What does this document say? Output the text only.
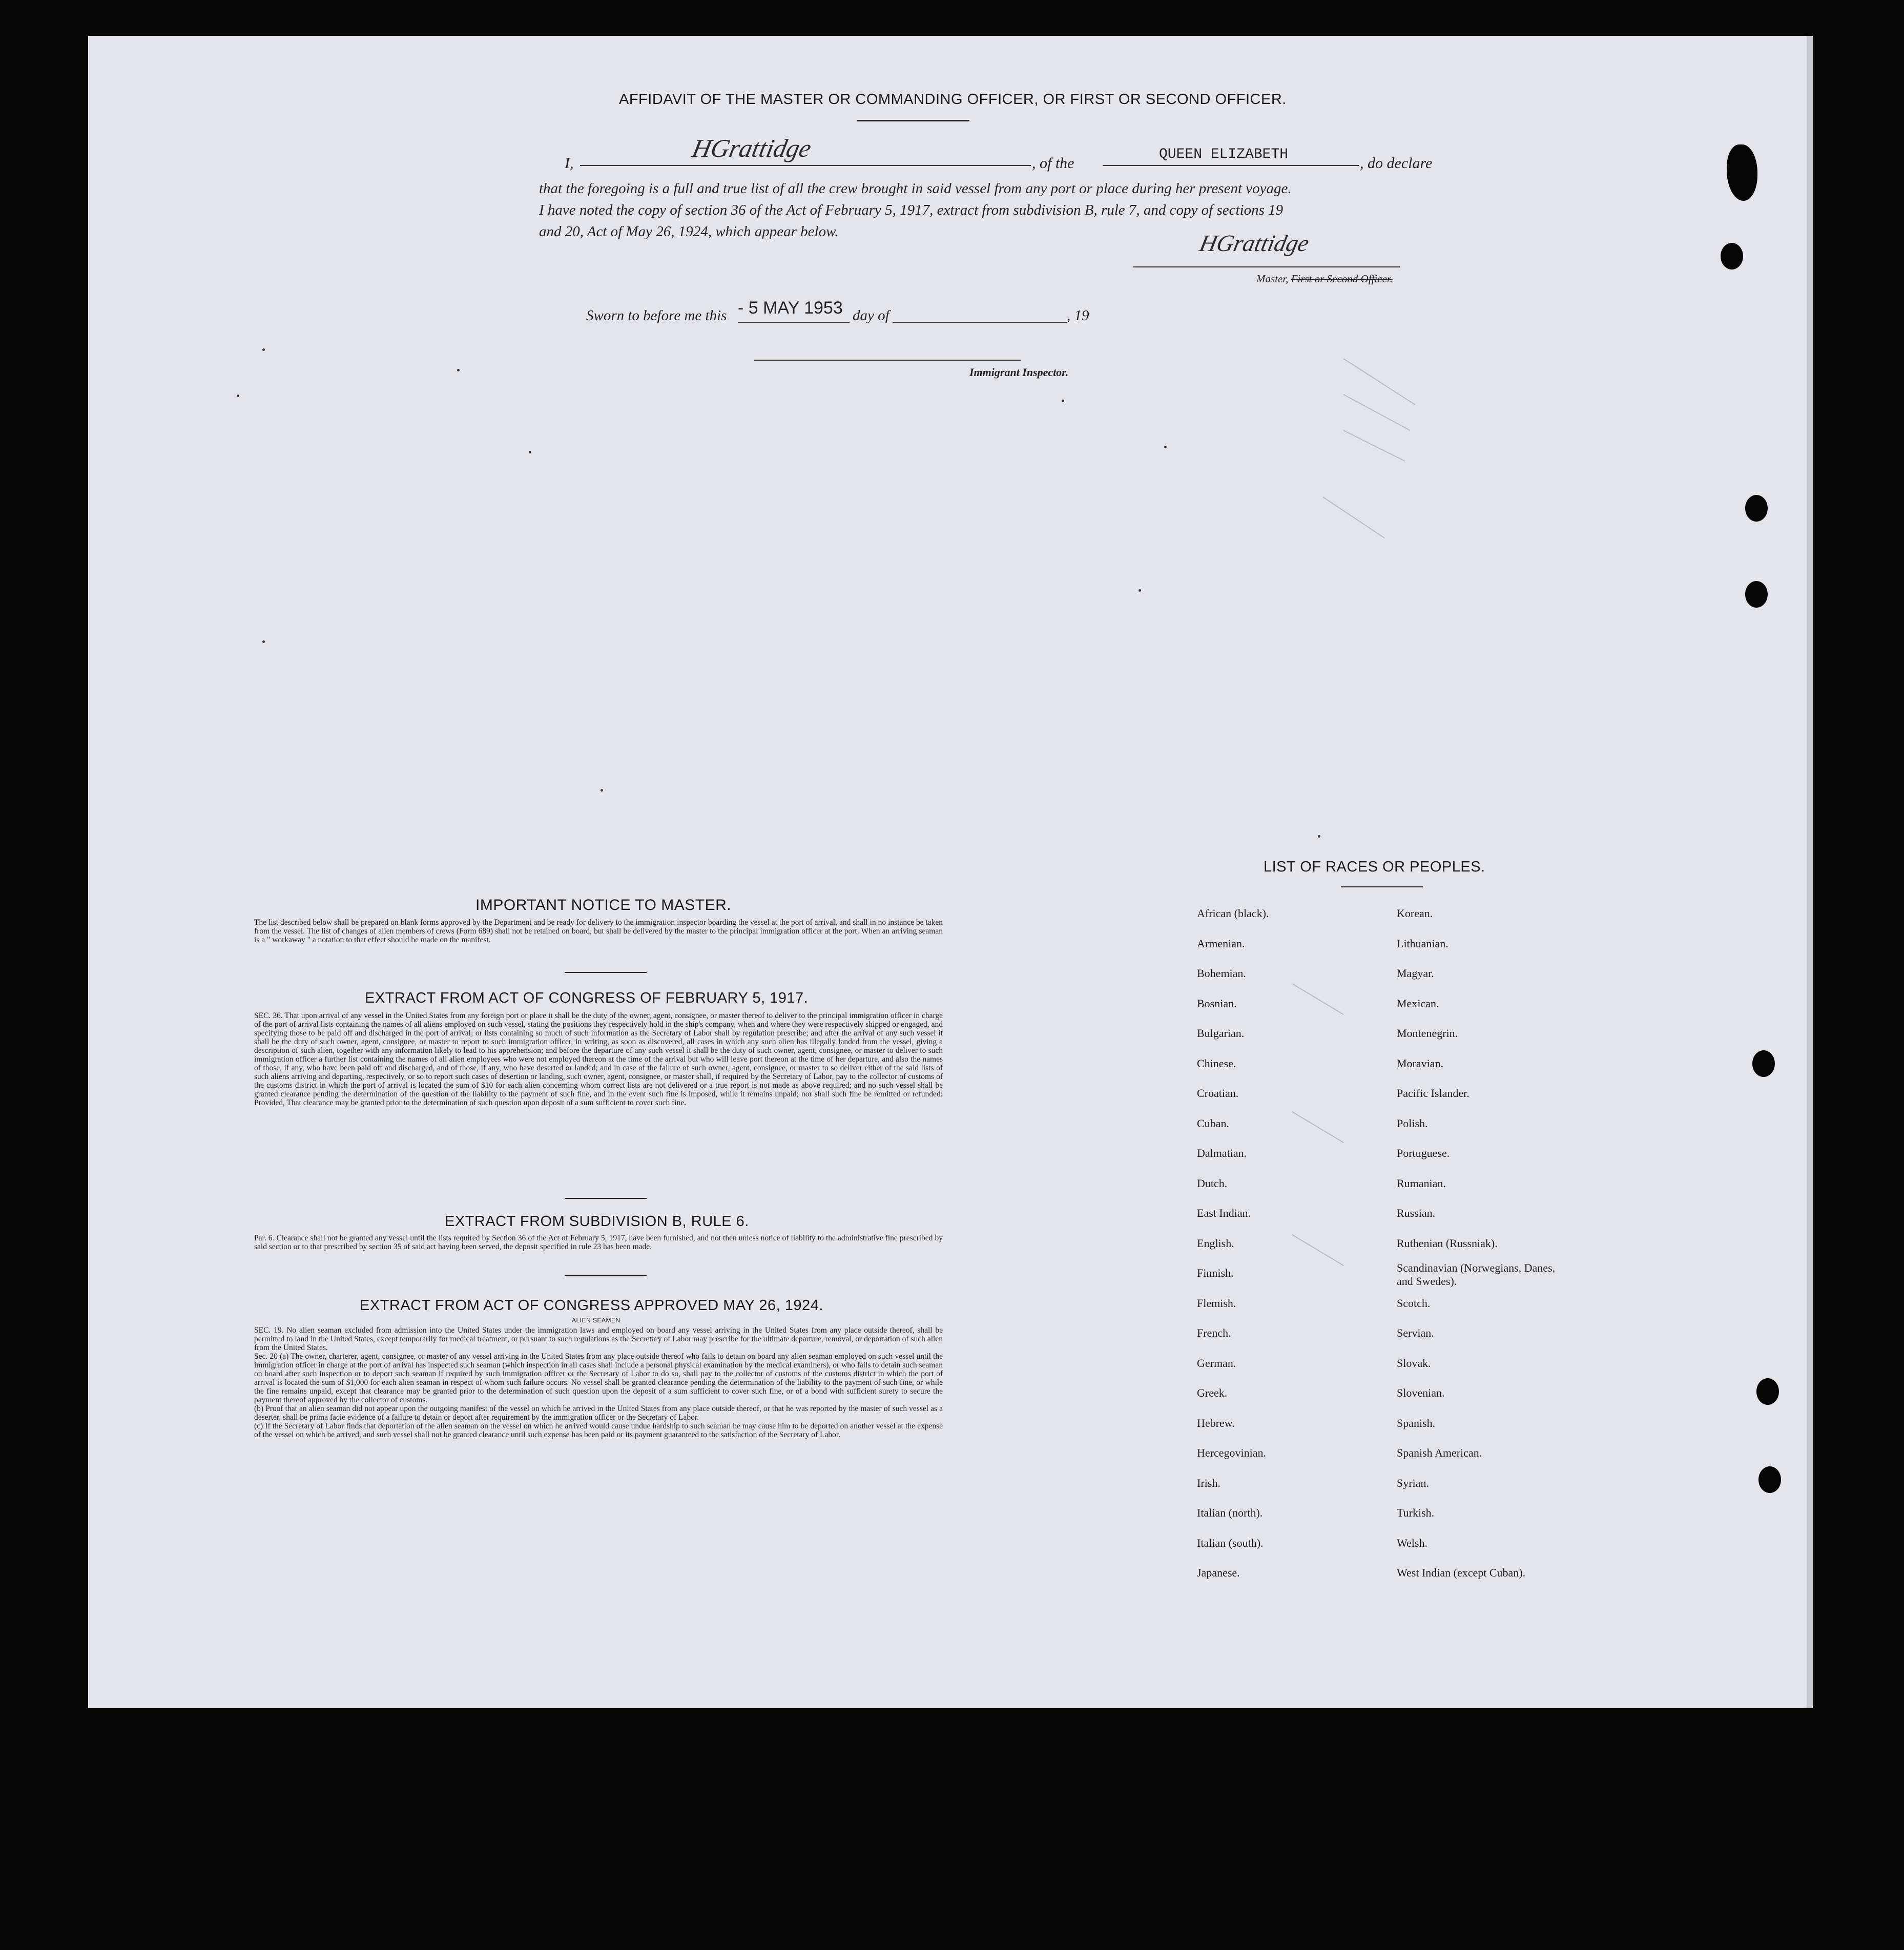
AFFIDAVIT OF THE MASTER OR COMMANDING OFFICER, OR FIRST OR SECOND OFFICER.
I,
HGrattidge
, of the
QUEEN ELIZABETH
, do declare
that the foregoing is a full and true list of all the crew brought in said vessel from any port or place during her present voyage.
I have noted the copy of section 36 of the Act of February 5, 1917, extract from subdivision B, rule 7, and copy of sections 19
and 20, Act of May 26, 1924, which appear below.	HGrattidge
Master, First or Second Officer.
Sworn to before me this - 5 MAY 1953 day of	, 19
Immigrant Inspector.
IMPORTANT NOTICE TO MASTER.
The list described below shall be prepared on blank forms approved by the Department and be ready for delivery to the immigration inspector boarding the vessel at the port of arrival, and shall in no instance be taken from the vessel. The list of changes of alien members of crews (Form 689) shall not be retained on board, but shall be delivered by the master to the principal immigration officer at the port. When an arriving seaman is a " workaway " a notation to that effect should be made on the manifest.
EXTRACT FROM ACT OF CONGRESS OF FEBRUARY 5, 1917.
SEC. 36. That upon arrival of any vessel in the United States from any foreign port or place it shall be the duty of the owner, agent, consignee, or master thereof to deliver to the principal immigration officer in charge of the port of arrival lists containing the names of all aliens employed on such vessel, stating the positions they respectively hold in the ship's company, when and where they were respectively shipped or engaged, and specifying those to be paid off and discharged in the port of arrival; or lists containing so much of such information as the Secretary of Labor shall by regulation prescribe; and after the arrival of any such vessel it shall be the duty of such owner, agent, consignee, or master to report to such immigration officer, in writing, as soon as discovered, all cases in which any such alien has illegally landed from the vessel, giving a description of such alien, together with any information likely to lead to his apprehension; and before the departure of any such vessel it shall be the duty of such owner, agent, consignee, or master to deliver to such immigration officer a further list containing the names of all alien employees who were not employed thereon at the time of the arrival but who will leave port thereon at the time of her departure, and also the names of those, if any, who have been paid off and discharged, and of those, if any, who have deserted or landed; and in case of the failure of such owner, agent, consignee, or master to so deliver either of the said lists of such aliens arriving and departing, respectively, or so to report such cases of desertion or landing, such owner, agent, consignee, or master shall, if required by the Secretary of Labor, pay to the collector of customs of the customs district in which the port of arrival is located the sum of $10 for each alien concerning whom correct lists are not delivered or a true report is not made as above required; and no such vessel shall be granted clearance pending the determination of the question of the liability to the payment of such fine, and in the event such fine is imposed, while it remains unpaid; nor shall such fine be remitted or refunded: Provided, That clearance may be granted prior to the determination of such question upon deposit of a sum sufficient to cover such fine.
EXTRACT FROM SUBDIVISION B, RULE 6.
Par. 6. Clearance shall not be granted any vessel until the lists required by Section 36 of the Act of February 5, 1917, have been furnished, and not then unless notice of liability to the administrative fine prescribed by said section or to that prescribed by section 35 of said act having been served, the deposit specified in rule 23 has been made.
EXTRACT FROM ACT OF CONGRESS APPROVED MAY 26, 1924.
ALIEN SEAMEN
SEC. 19. No alien seaman excluded from admission into the United States under the immigration laws and employed on board any vessel arriving in the United States from any place outside thereof, shall be permitted to land in the United States, except temporarily for medical treatment, or pursuant to such regulations as the Secretary of Labor may prescribe for the ultimate departure, removal, or deportation of such alien from the United States.
Sec. 20 (a) The owner, charterer, agent, consignee, or master of any vessel arriving in the United States from any place outside thereof who fails to detain on board any alien seaman employed on such vessel until the immigration officer in charge at the port of arrival has inspected such seaman (which inspection in all cases shall include a personal physical examination by the medical examiners), or who fails to detain such seaman on board after such inspection or to deport such seaman if required by such immigration officer or the Secretary of Labor to do so, shall pay to the collector of customs of the customs district in which the port of arrival is located the sum of $1,000 for each alien seaman in respect of whom such failure occurs. No vessel shall be granted clearance pending the determination of the liability to the payment of such fine, or while the fine remains unpaid, except that clearance may be granted prior to the determination of such question upon the deposit of a sum sufficient to cover such fine, or of a bond with sufficient surety to secure the payment thereof approved by the collector of customs.
(b) Proof that an alien seaman did not appear upon the outgoing manifest of the vessel on which he arrived in the United States from any place outside thereof, or that he was reported by the master of such vessel as a deserter, shall be prima facie evidence of a failure to detain or deport after requirement by the immigration officer or the Secretary of Labor.
(c) If the Secretary of Labor finds that deportation of the alien seaman on the vessel on which he arrived would cause undue hardship to such seaman he may cause him to be deported on another vessel at the expense of the vessel on which he arrived, and such vessel shall not be granted clearance until such expense has been paid or its payment guaranteed to the satisfaction of the Secretary of Labor.
LIST OF RACES OR PEOPLES.
African (black).
Armenian.
Bohemian.
Bosnian.
Bulgarian.
Chinese.
Croatian.
Cuban.
Dalmatian.
Dutch.
East Indian.
English.
Finnish.
Flemish.
French.
German.
Greek.
Hebrew.
Hercegovinian.
Irish.
Italian (north).
Italian (south).
Japanese.
Korean.
Lithuanian.
Magyar.
Mexican.
Montenegrin.
Moravian.
Pacific Islander.
Polish.
Portuguese.
Rumanian.
Russian.
Ruthenian (Russniak).
Scandinavian (Norwegians, Danes, and Swedes).
Scotch.
Servian.
Slovak.
Slovenian.
Spanish.
Spanish American.
Syrian.
Turkish.
Welsh.
West Indian (except Cuban).
